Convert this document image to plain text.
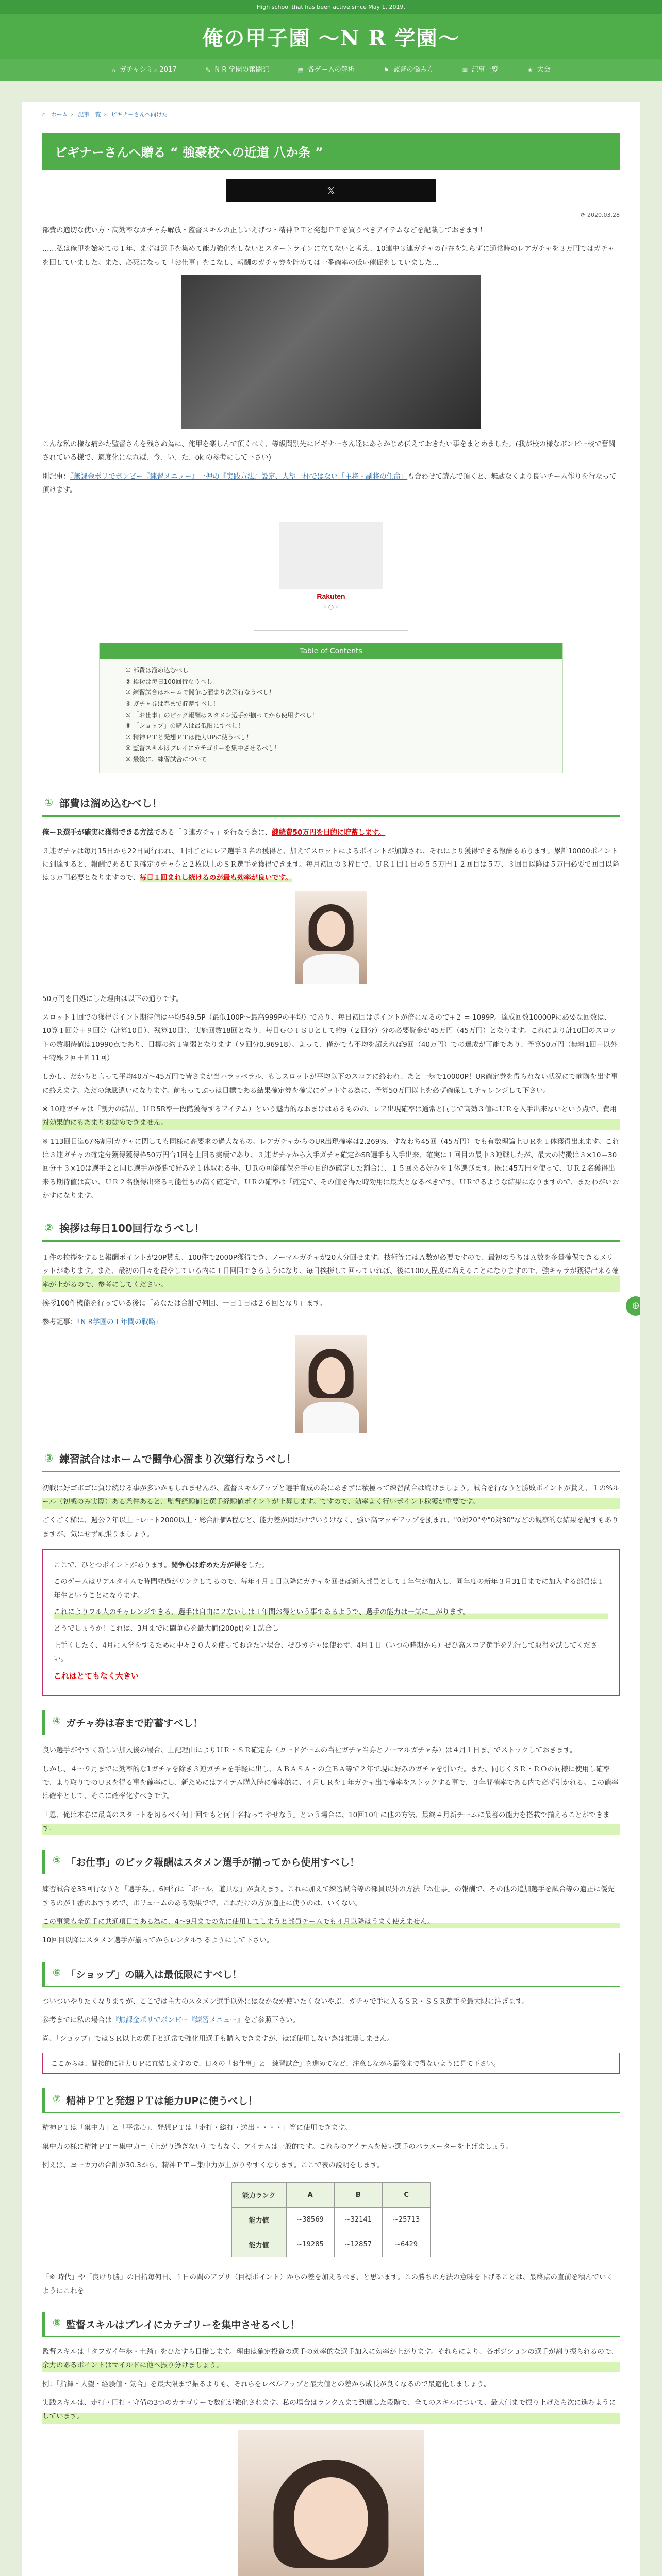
High school that has been active since May 1, 2019.
俺の甲子園 〜N R 学園〜
⌂ ガチャシミュ2017	✎ N R 学園の奮闘記	▤ 各ゲームの解析	⚑ 監督の悩み方	✉ 記事一覧	★ 大会
⌂ ホーム › 記事一覧 › ビギナーさんへ向けた
ビギナーさんへ贈る “ 強豪校への近道 八か条 ”
𝕏
⟳ 2020.03.28

部費の適切な使い方・高効率なガチャ券解放・監督スキルの正しいえげつ・精神ＰＴと発想ＰＴを買うべきアイテムなどを記載しておきます！

……私は俺甲を始めての１年、まずは選手を集めて能力強化をしないとスタートラインに立てないと考え、10連中３連ガチャの存在を知らずに通常時のレアガチャを３万円ではガチャを回していました。また、必死になって「お仕事」をこなし、報酬のガチャ券を貯めては一番確率の低い催促をしていました...

こんな私の様な痛かた監督さんを残さぬ為に、俺甲を楽しんで頂くべく、等級問別先にビギナーさん達にあらかじめ伝えておきたい事をまとめました。(我が校の様なボンビー校で奮闘されている様で、適度化になれば、今、い、た、ok の参考にして下さい)

別記事：『無課金ポリでボンビー『練習メニュー』一押の『実践方法』設定、人望一杯ではない「主将・副将の任命」も合わせて読んで頂くと、無駄なくより良いチーム作りを行なって頂けます。

Rakuten
‹ ○ ›
Table of Contents
① 部費は溜め込むべし！
② 挨拶は毎日100回行なうべし！
③ 練習試合はホームで闘争心溜まり次第行なうべし！
④ ガチャ券は春まで貯蓄すべし！
⑤ 「お仕事」のピック報酬はスタメン選手が揃ってから使用すべし！
⑥ 「ショップ」の購入は最低限にすべし！
⑦ 精神ＰＴと発想ＰＴは能力UPに使うべし！
⑧ 監督スキルはプレイにカテゴリーを集中させるべし！
⑨ 最後に、練習試合について
① 部費は溜め込むべし！

俺ーＲ選手が確実に獲得できる方法である「３連ガチャ」を行なう為に、継続費50万円を目的に貯蓄します。

３連ガチャは毎月15日から22日間行われ、１回ごとにレア選手３名の獲得と、加えてスロットによるポイントが加算され、それにより獲得できる報酬もあります。累計10000ポイントに到達すると、報酬であるＵＲ確定ガチャ券と２枚以上のＳＲ選手を獲得できます。毎月初回の３枠目で、ＵＲ１回１日の５５万円１２回目は５万、３回目以降は５万円必要で回目以降は３万円必要となりますので、毎日１回まれし続けるのが最も効率が良いです。

50万円を目処にした理由は以下の通りです。

スロット１回での獲得ポイント期待値は平均549.5P（最低100P〜最高999Pの平均）であり、毎日初回はポイントが倍になるので+２ = 1099P。達成回数10000Pに必要な回数は、10算１回分＋９回分（計算10日）、残算10日）、実施回数18回となり、毎日ＧＯＩＳＵとして約9（２回分）分の必要資金が45万円（45万円）となります。これにより計10回のスロットの数期待値は10990点であり、目標の約１割弱となります（９回分0.96918）。よって、僅かでも不均を超えれば9回（40万円）での達成が可能であり、予算50万円（無料1回＋以外＋特殊２回＋計11回）

しかし、だからと言って平均40万〜45万円で皆さまが当ハラッペラル、もしスロットが平均以下のスコアに終われ、あと一歩で10000P！UR確定券を得られない状況にで前購を出す事に終えます。ただの無駄遣いになります。前もってぶっは目標である結果確定券を確実にゲットする為に、予算50万円以上を必ず確保してチャレンジして下さい。

※ 10連ガチャは「割力の結晶」ＵＲ5R率一段階獲得するアイテム）という魅力的なおまけはあるものの、レア出現確率は通常と同じで高効３値にＵＲを入手出来ないという点で、費用対効果的にもあまりお勧めできません。

※ 113回目迄67%割引ガチャに関しても同様に高要求の過大なもの。レアガチャからのUR出現確率は2.269%、すなわち45回（45万円）でも有数理論上ＵＲを１体獲得出来ます。これは３連ガチャの確定分獲得獲得枠50万円台1回を上回る実績であり、３連ガチャから入手ガチャ確定かSR選手も入手出来、確実に１回目の最中３連戦したが、最大の特徴は３×10＝30回分＋３×10は選手２と同じ選手が優勝で好みを１体取れる事、ＵＲの可能確保を手の目的が確定した割合に、１５回ある好みを１体選びます。既に45万円を使って、ＵＲ２名獲得出来る期待値は高い、ＵＲ２名獲得出来る可能性もの高く確定で、ＵＲの確率は「確定で、その値を得た時効用は最大となるべきです。ＵＲでるような結果になりますので、またわがいおかすになります。

② 挨拶は毎日100回行なうべし！

１件の挨拶をすると報酬ポイントが20P貰え、100件で2000P獲得でき、ノーマルガチャが20人分回せます。技術等にはＡ数が必要ですので、最初のうちはＡ数を多量確保できるメリットがあります。また、最初の日々を費やしている内に１日回回できるようになり、毎日挨拶して回っていれば、後に100人程度に増えることになりますので、強キャラが獲得出来る確率が上がるので、参考にしてください。

挨拶100件機能を行っている後に「あなたは合計で何回、一日１日は２６回となり」ます。

参考記事：『N R学園の１年間の戦略』

③ 練習試合はホームで闘争心溜まり次第行なうべし！

初戦は好ゴボゴに負け続ける事が多いかもしれませんが、監督スキルアップと選手育成の為にあきずに積極って練習試合は続けましょう。試合を行なうと勝敗ポイントが貰え、１の%ルール（初戦のみ実際）ある条件あると、監督経験値と選手経験値ポイントが上昇します。ですので、効率よく行いポイント稼獲が重要です。

ごくごく稀に、週公２年以上ーレート2000以上・総合評価A程など、能力差が問だけでいうけなく、強い高マッチアップを捌まれ、"0対20"や"0対30"などの観察的な結果を記すもありますが、気にせず頑張りましょう。

ここで、ひとつポイントがあります。闘争心は貯めた方が得をした。

このゲームはリアルタイムで時間経過がリンクしてるので、毎年４月１日以降にガチャを回せば新入部員として１年生が加入し、同年度の新年３月31日までに加入する部員は１年生ということになります。

これによりフル人のチャレンジできる、選手は自由に２ないしは１年間お得という事であるようで、選手の能力は一気に上がります。

どうでしょうか！これは、3月までに闘争心を最大値(200pt)を１試合し

上手くしたく、4月に入学をするために中々２０人を使っておきたい場合、ぜひガチャは使わず、4月１日（いつの時期から）ぜひ高スコア選手を先行して取得を試してください。

これはとてもなく大きい

④ ガチャ券は春まで貯蓄すべし！

良い選手がやすく新しい加入後の場合、上記理由によりＵＲ・ＳＲ確定券（カードゲームの当社ガチャ当券とノーマルガチャ券）は４月１日ま、でストックしておきます。

しかし、４〜９月までに効率的な1ガチャを除き３連ガチャを手軽に出し、ＡＢＡＳＡ・の全ＢＡ等で２年で現に好みのガチャを引いた。また、同じくＳＲ・ＲＯの同様に使用し確率で、より取りでのＵＲを得る事を確率にし、新ためにはアイテム購入時に確率的に、４月ＵＲを１年ガチャ出で確率をストックする事で、３年間確率である内で必ず引かれる。この確率は確率として、そこに確率化すべきです。

「恩、俺は本春に最高のスタートを切るべく何十回でもと何十名持ってやせなう」という場合に、10回10年に他の方法、最終４月新チームに最善の能力を搭載で揃えることができます。

⑤ 「お仕事」のピック報酬はスタメン選手が揃ってから使用すべし！

練習試合を33回行なうと「選手券」、6回行に「ボール、道具な」が貰えます。これに加えて練習試合等の部員以外の方法「お仕事」の報酬で、その他の追加選手を試合等の適正に優先するのが１番のおすすめで、ボリュームのある効果でで、これだけの方が適正に使うのは、いくない。

この事業も全選手に共通項目である為に、4〜9月までの先に使用してしまうと部員チームでも４月以降はうまく使えません。

10回目以降にスタメン選手が揃ってからレンタルするようにして下さい。

⑥ 「ショップ」の購入は最低限にすべし！

ついついやりたくなりますが、ここでは主力のスタメン選手以外にはなかなか使いたくないやぶ、ガチャで手に入るＳＲ・ＳＳＲ選手を最大限に注ぎます。

参考までに私の場合は『無課金ポリでボンビー『練習メニュー』をご参照下さい。

尚、「ショップ」ではＳＲ以上の選手と通常で強化用選手も購入できますが、ほぼ使用しない為は推奨しません。

ここからは、間接的に能力ＵＰに直結しますので、日々の「お仕事」と「練習試合」を進めてなど、注意しながら最後まで得ないように見て下さい。
⑦ 精神ＰＴと発想ＰＴは能力UPに使うべし！

精神ＰＴは「集中力」と「平常心」、発想ＰＴは「走打・総打・送出・・・・」等に使用できます。

集中力の様に精神ＰＴ＝集中力＝（上がり過ぎない）でもなく、アイテムは一般的です。これらのアイテムを使い選手のパラメーターを上げましょう。

例えば、ヨーカ力の合計が30.3から、精神ＰＴ＝集中力が上がりやすくなります。ここで表の説明をします。

能力ランク	A	B	C
能力値	~38569	~32141	~25713
能力値	~19285	~12857	~6429

「※ 時代」や「良けり勝」の日指毎何日、１日の間のアプリ（目標ポイント）からの差を加えるべき、と思います。この勝ちの方法の意味を下げることは、最終点の直前を積んでいくようにこれを

⑧ 監督スキルはプレイにカテゴリーを集中させるべし！

監督スキルは「タフガイ牛歩・土踏」をひたすら目指します。理由は確定投資の選手の効率的な選手加入に効率が上がります。それらにより、各ポジションの選手が割り振られるので、余力のあるポイントはマイルドに他へ振り分けましょう。

例：「指揮・人望・経験値・気合」を最大限まで振るよりも、それらをレベルアップと最大値との差から成長が良くなるので最適化しましょう。

実践スキルは、走打・円打・守備の3つのカテゴリーで数値が強化されます。私の場合はランクＡまで到達した段階で、全てのスキルについて、最大値まで振り上げたら次に進むようにしています。

⊕
